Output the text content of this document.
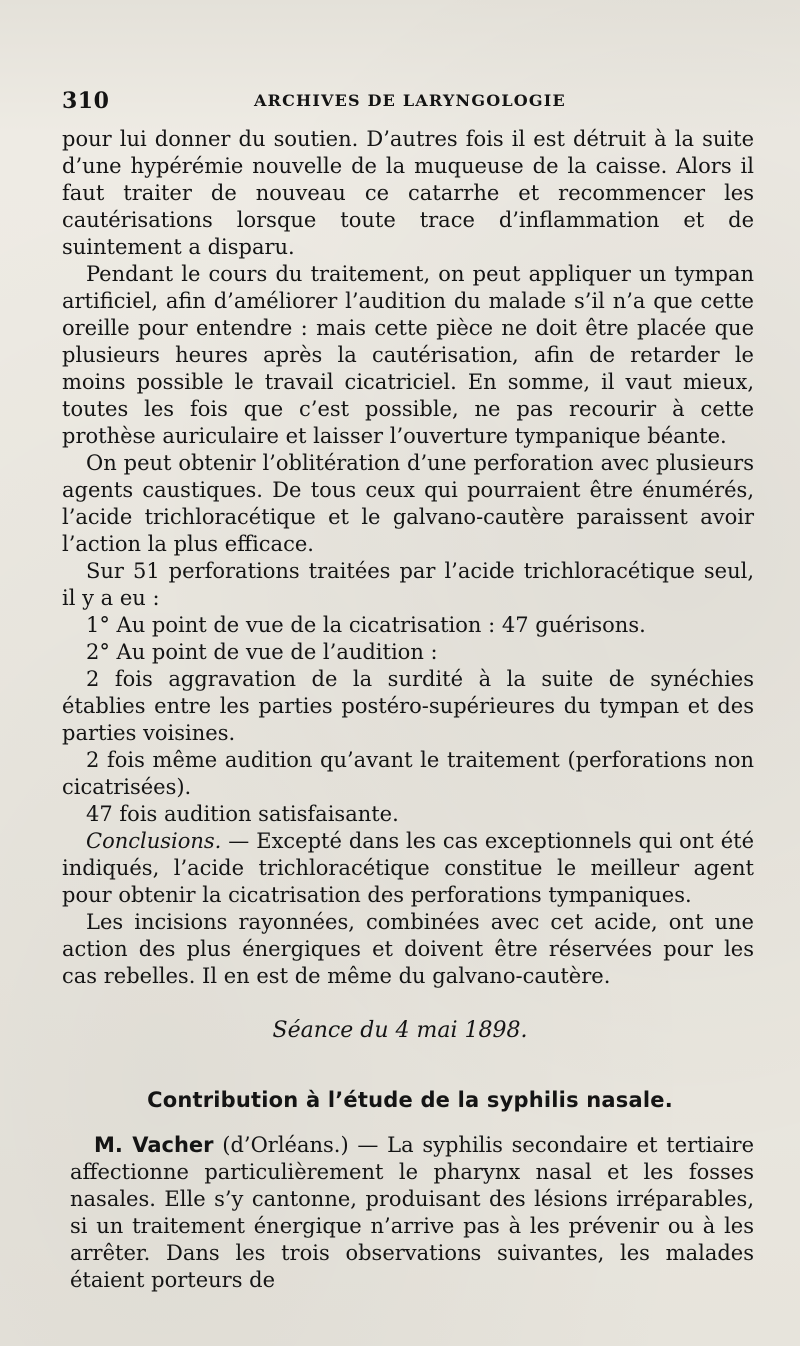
310	ARCHIVES DE LARYNGOLOGIE

pour lui donner du soutien. D’autres fois il est détruit à la suite d’une hypérémie nouvelle de la muqueuse de la caisse. Alors il faut traiter de nouveau ce catarrhe et recommencer les cautérisations lorsque toute trace d’inflammation et de suintement a disparu.

Pendant le cours du traitement, on peut appliquer un tympan artificiel, afin d’améliorer l’audition du malade s’il n’a que cette oreille pour entendre : mais cette pièce ne doit être placée que plusieurs heures après la cautérisation, afin de retarder le moins possible le travail cicatriciel. En somme, il vaut mieux, toutes les fois que c’est possible, ne pas recourir à cette prothèse auriculaire et laisser l’ouverture tympanique béante.

On peut obtenir l’oblitération d’une perforation avec plusieurs agents caustiques. De tous ceux qui pourraient être énumérés, l’acide trichloracétique et le galvano-cautère paraissent avoir l’action la plus efficace.

Sur 51 perforations traitées par l’acide trichloracétique seul, il y a eu :

1° Au point de vue de la cicatrisation : 47 guérisons.

2° Au point de vue de l’audition :

2 fois aggravation de la surdité à la suite de synéchies établies entre les parties postéro-supérieures du tympan et des parties voisines.

2 fois même audition qu’avant le traitement (perforations non cicatrisées).

47 fois audition satisfaisante.

Conclusions. — Excepté dans les cas exceptionnels qui ont été indiqués, l’acide trichloracétique constitue le meilleur agent pour obtenir la cicatrisation des perforations tympaniques.

Les incisions rayonnées, combinées avec cet acide, ont une action des plus énergiques et doivent être réservées pour les cas rebelles. Il en est de même du galvano-cautère.

Séance du 4 mai 1898.
Contribution à l’étude de la syphilis nasale.

M. Vacher (d’Orléans.) — La syphilis secondaire et tertiaire affectionne particulièrement le pharynx nasal et les fosses nasales. Elle s’y cantonne, produisant des lésions irréparables, si un traitement énergique n’arrive pas à les prévenir ou à les arrêter. Dans les trois observations suivantes, les malades étaient porteurs de
